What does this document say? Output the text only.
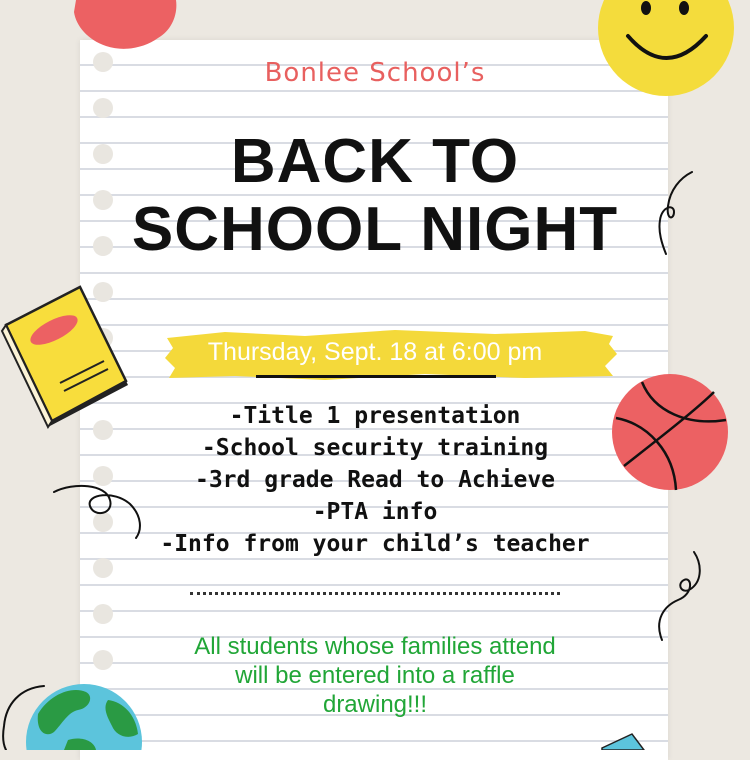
Bonlee School’s
BACK TO
SCHOOL NIGHT
Thursday, Sept. 18 at 6:00 pm
-Title 1 presentation
-School security training
-3rd grade Read to Achieve
-PTA info
-Info from your child’s teacher
All students whose families attend
will be entered into a raffle
drawing!!!
